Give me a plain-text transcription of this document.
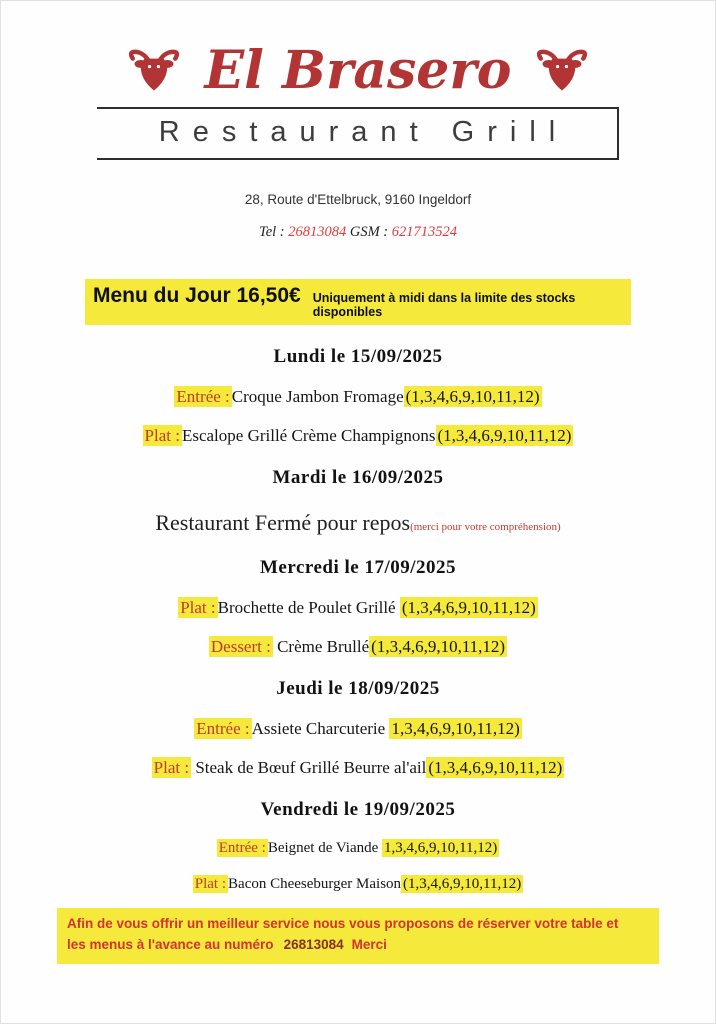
El Brasero
Restaurant Grill
28, Route d'Ettelbruck, 9160 Ingeldorf
Tel : 26813084 GSM : 621713524
Menu du Jour 16,50€ Uniquement à midi dans la limite des stocks disponibles
Lundi le 15/09/2025
Entrée : Croque Jambon Fromage (1,3,4,6,9,10,11,12)
Plat : Escalope Grillé Crème Champignons (1,3,4,6,9,10,11,12)
Mardi le 16/09/2025
Restaurant Fermé pour repos(merci pour votre compréhension)
Mercredi le 17/09/2025
Plat : Brochette de Poulet Grillé (1,3,4,6,9,10,11,12)
Dessert : Crème Brullé (1,3,4,6,9,10,11,12)
Jeudi le 18/09/2025
Entrée : Assiete Charcuterie 1,3,4,6,9,10,11,12)
Plat : Steak de Bœuf Grillé Beurre al'ail (1,3,4,6,9,10,11,12)
Vendredi le 19/09/2025
Entrée : Beignet de Viande 1,3,4,6,9,10,11,12)
Plat : Bacon Cheeseburger Maison (1,3,4,6,9,10,11,12)
Afin de vous offrir un meilleur service nous vous proposons de réserver votre table et
les menus à l'avance au numéro 26813084 Merci
